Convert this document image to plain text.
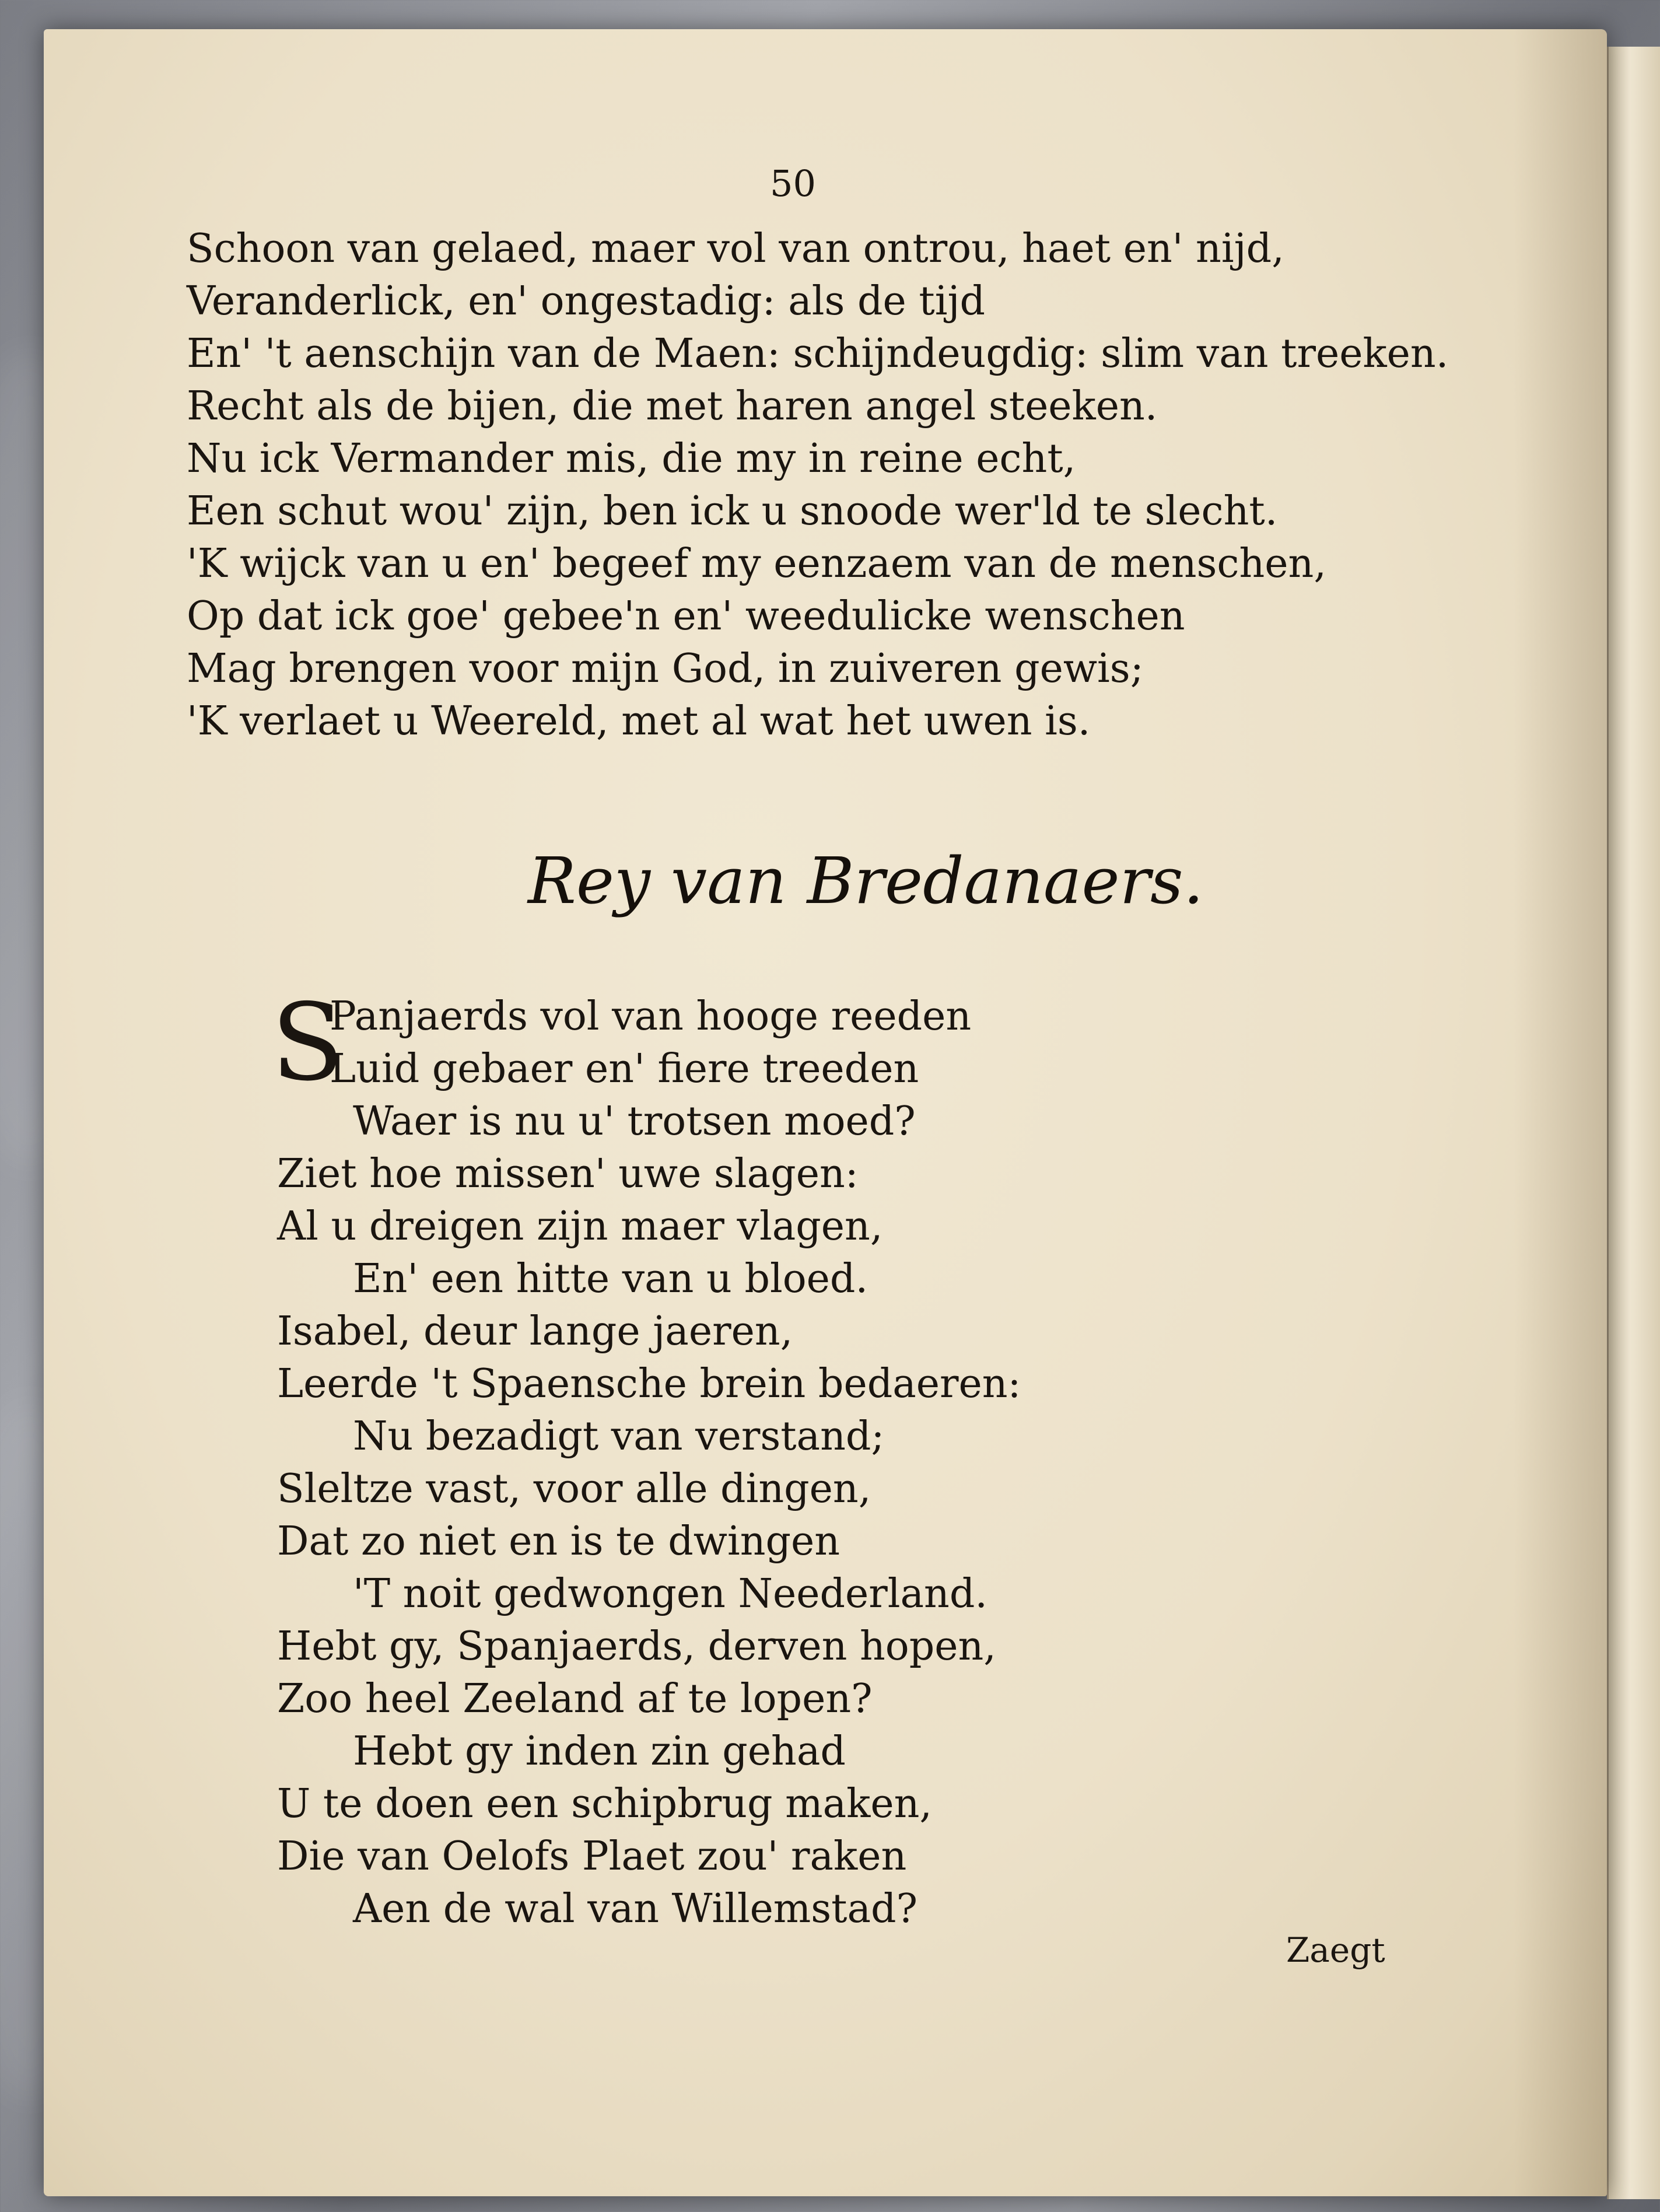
50
Schoon van gelaed, maer vol van ontrou, haet en' nijd,
Veranderlick, en' ongestadig: als de tijd
En' 't aenschijn van de Maen: schijndeugdig: slim van treeken.
Recht als de bijen, die met haren angel steeken.
Nu ick Vermander mis, die my in reine echt,
Een schut wou' zijn, ben ick u snoode wer'ld te slecht.
'K wijck van u en' begeef my eenzaem van de menschen,
Op dat ick goe' gebee'n en' weedulicke wenschen
Mag brengen voor mijn God, in zuiveren gewis;
'K verlaet u Weereld, met al wat het uwen is.
Rey van Bredanaers.
S
Panjaerds vol van hooge reeden
Luid gebaer en' fiere treeden
Waer is nu u' trotsen moed?
Ziet hoe missen' uwe slagen:
Al u dreigen zijn maer vlagen,
En' een hitte van u bloed.
Isabel, deur lange jaeren,
Leerde 't Spaensche brein bedaeren:
Nu bezadigt van verstand;
Sleltze vast, voor alle dingen,
Dat zo niet en is te dwingen
'T noit gedwongen Neederland.
Hebt gy, Spanjaerds, derven hopen,
Zoo heel Zeeland af te lopen?
Hebt gy inden zin gehad
U te doen een schipbrug maken,
Die van Oelofs Plaet zou' raken
Aen de wal van Willemstad?
Zaegt
